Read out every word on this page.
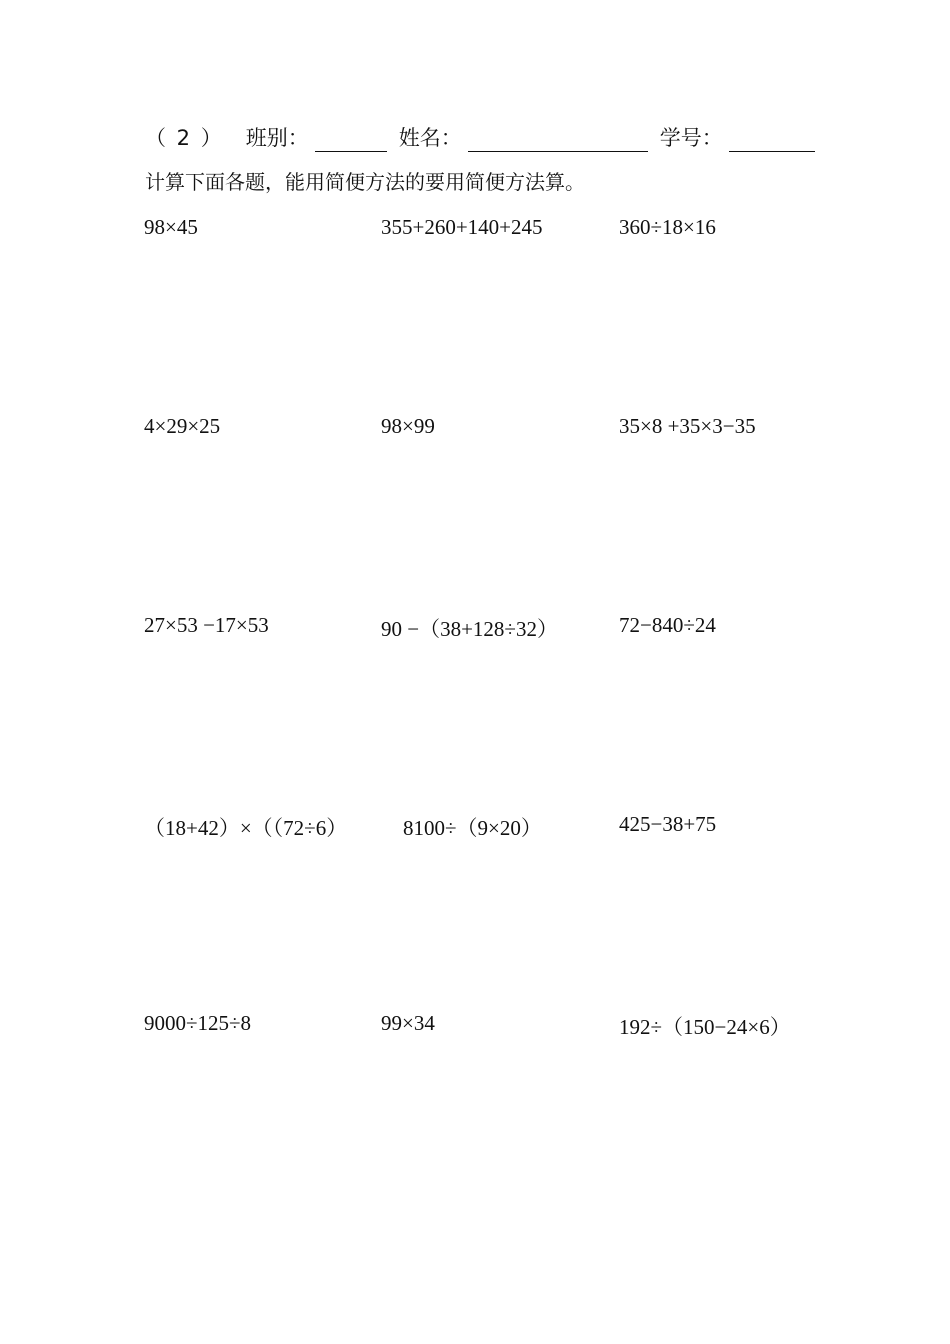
（ 2 ） 班别：	姓名：	学号：
计算下面各题，能用简便方法的要用简便方法算。
98×45	355+260+140+245	360÷18×16
4×29×25	98×99	35×8 +35×3−35
27×53 −17×53	90 −（38+128÷32）	72−840÷24
（18+42）×（（72÷6）	8100÷（9×20）	425−38+75
9000÷125÷8	99×34	192÷（150−24×6）
